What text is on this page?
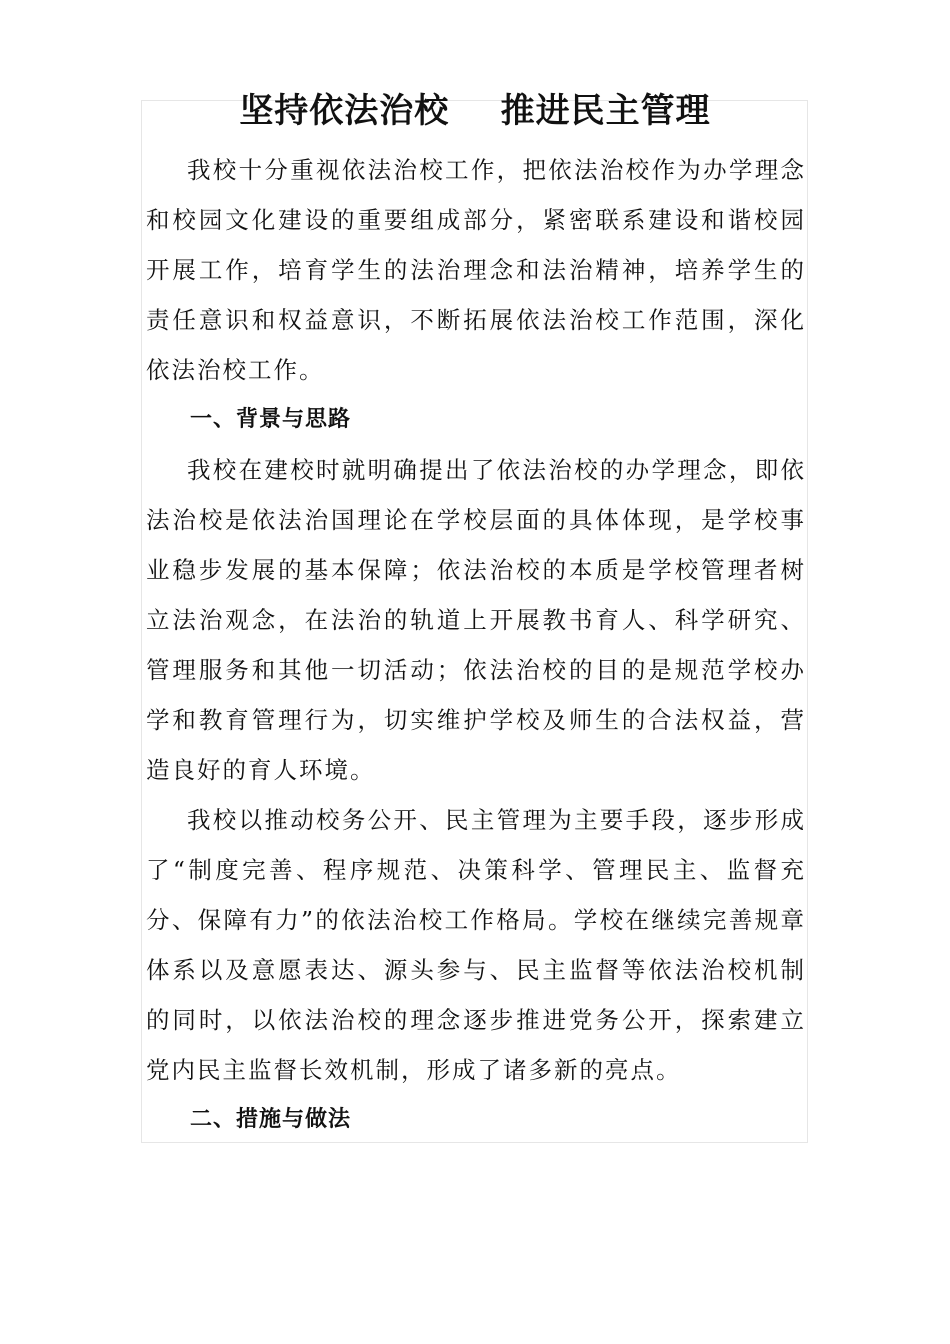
坚持依法治校    推进民主管理

我校十分重视依法治校工作，把依法治校作为办学理念和校园文化建设的重要组成部分，紧密联系建设和谐校园开展工作，培育学生的法治理念和法治精神，培养学生的责任意识和权益意识，不断拓展依法治校工作范围，深化依法治校工作。

一、背景与思路

我校在建校时就明确提出了依法治校的办学理念，即依法治校是依法治国理论在学校层面的具体体现，是学校事业稳步发展的基本保障；依法治校的本质是学校管理者树立法治观念，在法治的轨道上开展教书育人、科学研究、管理服务和其他一切活动；依法治校的目的是规范学校办学和教育管理行为，切实维护学校及师生的合法权益，营造良好的育人环境。

我校以推动校务公开、民主管理为主要手段，逐步形成了“制度完善、程序规范、决策科学、管理民主、监督充分、保障有力”的依法治校工作格局。学校在继续完善规章体系以及意愿表达、源头参与、民主监督等依法治校机制的同时，以依法治校的理念逐步推进党务公开，探索建立党内民主监督长效机制，形成了诸多新的亮点。

二、措施与做法
